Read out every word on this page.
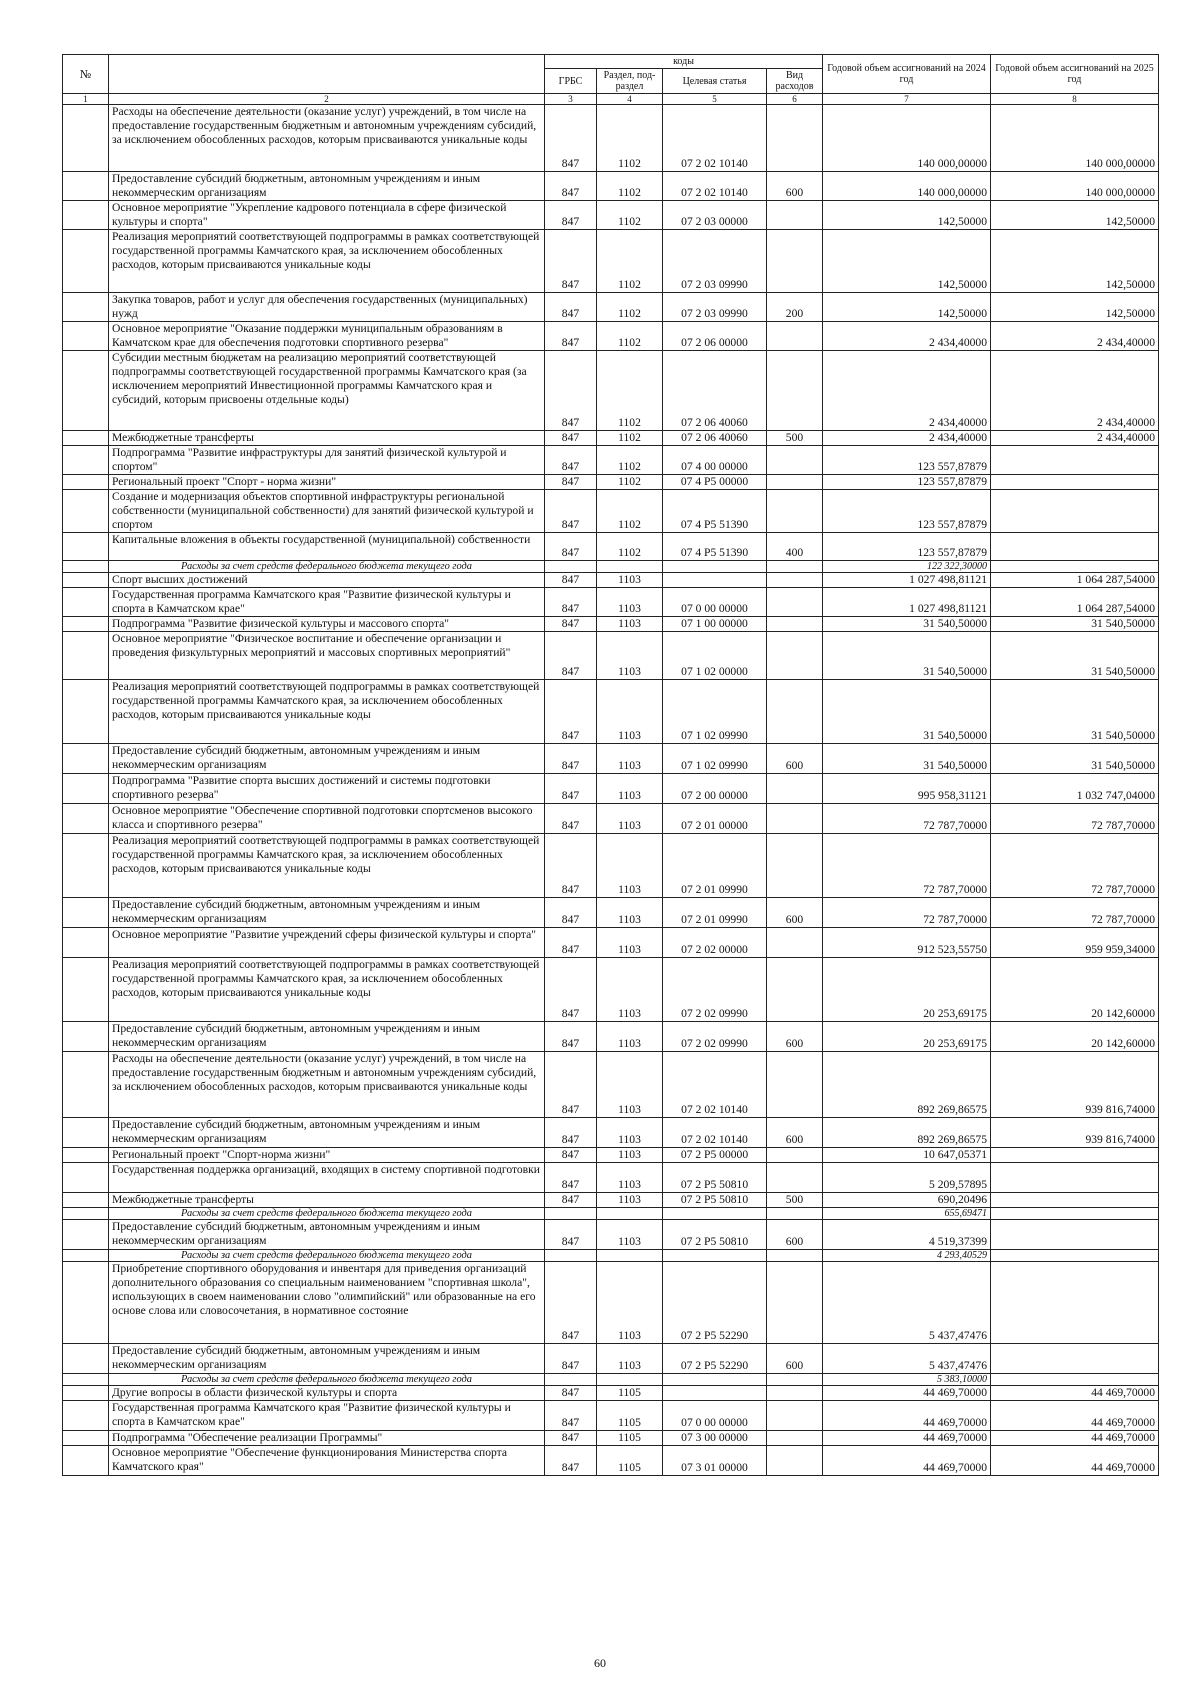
№		коды				Годовой объем ассигнований на 2024 год	Годовой объем ассигнований на 2025 год
		ГРБС	Раздел, под-раздел	Целевая статья	Вид расходов		
1	2	3	4	5	6	7	8
	Расходы на обеспечение деятельности (оказание услуг) учреждений, в том числе на предоставление государственным бюджетным и автономным учреждениям субсидий, за исключением обособленных расходов, которым присваиваются уникальные коды	847	1102	07 2 02 10140		140 000,00000	140 000,00000
	Предоставление субсидий бюджетным, автономным учреждениям и иным некоммерческим организациям	847	1102	07 2 02 10140	600	140 000,00000	140 000,00000
	Основное мероприятие "Укрепление кадрового потенциала в сфере физической культуры и спорта"	847	1102	07 2 03 00000		142,50000	142,50000
	Реализация мероприятий соответствующей подпрограммы в рамках соответствующей государственной программы Камчатского края, за исключением обособленных расходов, которым присваиваются уникальные коды	847	1102	07 2 03 09990		142,50000	142,50000
	Закупка товаров, работ и услуг для обеспечения государственных (муниципальных) нужд	847	1102	07 2 03 09990	200	142,50000	142,50000
	Основное мероприятие "Оказание поддержки муниципальным образованиям в Камчатском крае для обеспечения подготовки спортивного резерва"	847	1102	07 2 06 00000		2 434,40000	2 434,40000
	Субсидии местным бюджетам на реализацию мероприятий соответствующей подпрограммы соответствующей государственной программы Камчатского края (за исключением мероприятий Инвестиционной программы Камчатского края и субсидий, которым присвоены отдельные коды)	847	1102	07 2 06 40060		2 434,40000	2 434,40000
	Межбюджетные трансферты	847	1102	07 2 06 40060	500	2 434,40000	2 434,40000
	Подпрограмма "Развитие инфраструктуры для занятий физической культурой и спортом"	847	1102	07 4 00 00000		123 557,87879	
	Региональный проект "Спорт - норма жизни"	847	1102	07 4 P5 00000		123 557,87879	
	Создание и модернизация объектов спортивной инфраструктуры региональной собственности (муниципальной собственности) для занятий физической культурой и спортом	847	1102	07 4 P5 51390		123 557,87879	
	Капитальные вложения в объекты государственной (муниципальной) собственности	847	1102	07 4 P5 51390	400	123 557,87879	
	Расходы за счет средств федерального бюджета текущего года					122 322,30000	
	Спорт высших достижений	847	1103			1 027 498,81121	1 064 287,54000
	Государственная программа Камчатского края "Развитие физической культуры и спорта в Камчатском крае"	847	1103	07 0 00 00000		1 027 498,81121	1 064 287,54000
	Подпрограмма "Развитие физической культуры и массового спорта"	847	1103	07 1 00 00000		31 540,50000	31 540,50000
	Основное мероприятие "Физическое воспитание и обеспечение организации и проведения физкультурных мероприятий и массовых спортивных мероприятий"	847	1103	07 1 02 00000		31 540,50000	31 540,50000
	Реализация мероприятий соответствующей подпрограммы в рамках соответствующей государственной программы Камчатского края, за исключением обособленных расходов, которым присваиваются уникальные коды	847	1103	07 1 02 09990		31 540,50000	31 540,50000
	Предоставление субсидий бюджетным, автономным учреждениям и иным некоммерческим организациям	847	1103	07 1 02 09990	600	31 540,50000	31 540,50000
	Подпрограмма "Развитие спорта высших достижений и системы подготовки спортивного резерва"	847	1103	07 2 00 00000		995 958,31121	1 032 747,04000
	Основное мероприятие "Обеспечение спортивной подготовки спортсменов высокого класса и спортивного резерва"	847	1103	07 2 01 00000		72 787,70000	72 787,70000
	Реализация мероприятий соответствующей подпрограммы в рамках соответствующей государственной программы Камчатского края, за исключением обособленных расходов, которым присваиваются уникальные коды	847	1103	07 2 01 09990		72 787,70000	72 787,70000
	Предоставление субсидий бюджетным, автономным учреждениям и иным некоммерческим организациям	847	1103	07 2 01 09990	600	72 787,70000	72 787,70000
	Основное мероприятие "Развитие учреждений сферы физической культуры и спорта"	847	1103	07 2 02 00000		912 523,55750	959 959,34000
	Реализация мероприятий соответствующей подпрограммы в рамках соответствующей государственной программы Камчатского края, за исключением обособленных расходов, которым присваиваются уникальные коды	847	1103	07 2 02 09990		20 253,69175	20 142,60000
	Предоставление субсидий бюджетным, автономным учреждениям и иным некоммерческим организациям	847	1103	07 2 02 09990	600	20 253,69175	20 142,60000
	Расходы на обеспечение деятельности (оказание услуг) учреждений, в том числе на предоставление государственным бюджетным и автономным учреждениям субсидий, за исключением обособленных расходов, которым присваиваются уникальные коды	847	1103	07 2 02 10140		892 269,86575	939 816,74000
	Предоставление субсидий бюджетным, автономным учреждениям и иным некоммерческим организациям	847	1103	07 2 02 10140	600	892 269,86575	939 816,74000
	Региональный проект "Спорт-норма жизни"	847	1103	07 2 P5 00000		10 647,05371	
	Государственная поддержка организаций, входящих в систему спортивной подготовки	847	1103	07 2 P5 50810		5 209,57895	
	Межбюджетные трансферты	847	1103	07 2 P5 50810	500	690,20496	
	Расходы за счет средств федерального бюджета текущего года					655,69471	
	Предоставление субсидий бюджетным, автономным учреждениям и иным некоммерческим организациям	847	1103	07 2 P5 50810	600	4 519,37399	
	Расходы за счет средств федерального бюджета текущего года					4 293,40529	
	Приобретение спортивного оборудования и инвентаря для приведения организаций дополнительного образования со специальным наименованием "спортивная школа", использующих в своем наименовании слово "олимпийский" или образованные на его основе слова или словосочетания, в нормативное состояние	847	1103	07 2 P5 52290		5 437,47476	
	Предоставление субсидий бюджетным, автономным учреждениям и иным некоммерческим организациям	847	1103	07 2 P5 52290	600	5 437,47476	
	Расходы за счет средств федерального бюджета текущего года					5 383,10000	
	Другие вопросы в области физической культуры и спорта	847	1105			44 469,70000	44 469,70000
	Государственная программа Камчатского края "Развитие физической культуры и спорта в Камчатском крае"	847	1105	07 0 00 00000		44 469,70000	44 469,70000
	Подпрограмма "Обеспечение реализации Программы"	847	1105	07 3 00 00000		44 469,70000	44 469,70000
	Основное мероприятие "Обеспечение функционирования Министерства спорта Камчатского края"	847	1105	07 3 01 00000		44 469,70000	44 469,70000
60
